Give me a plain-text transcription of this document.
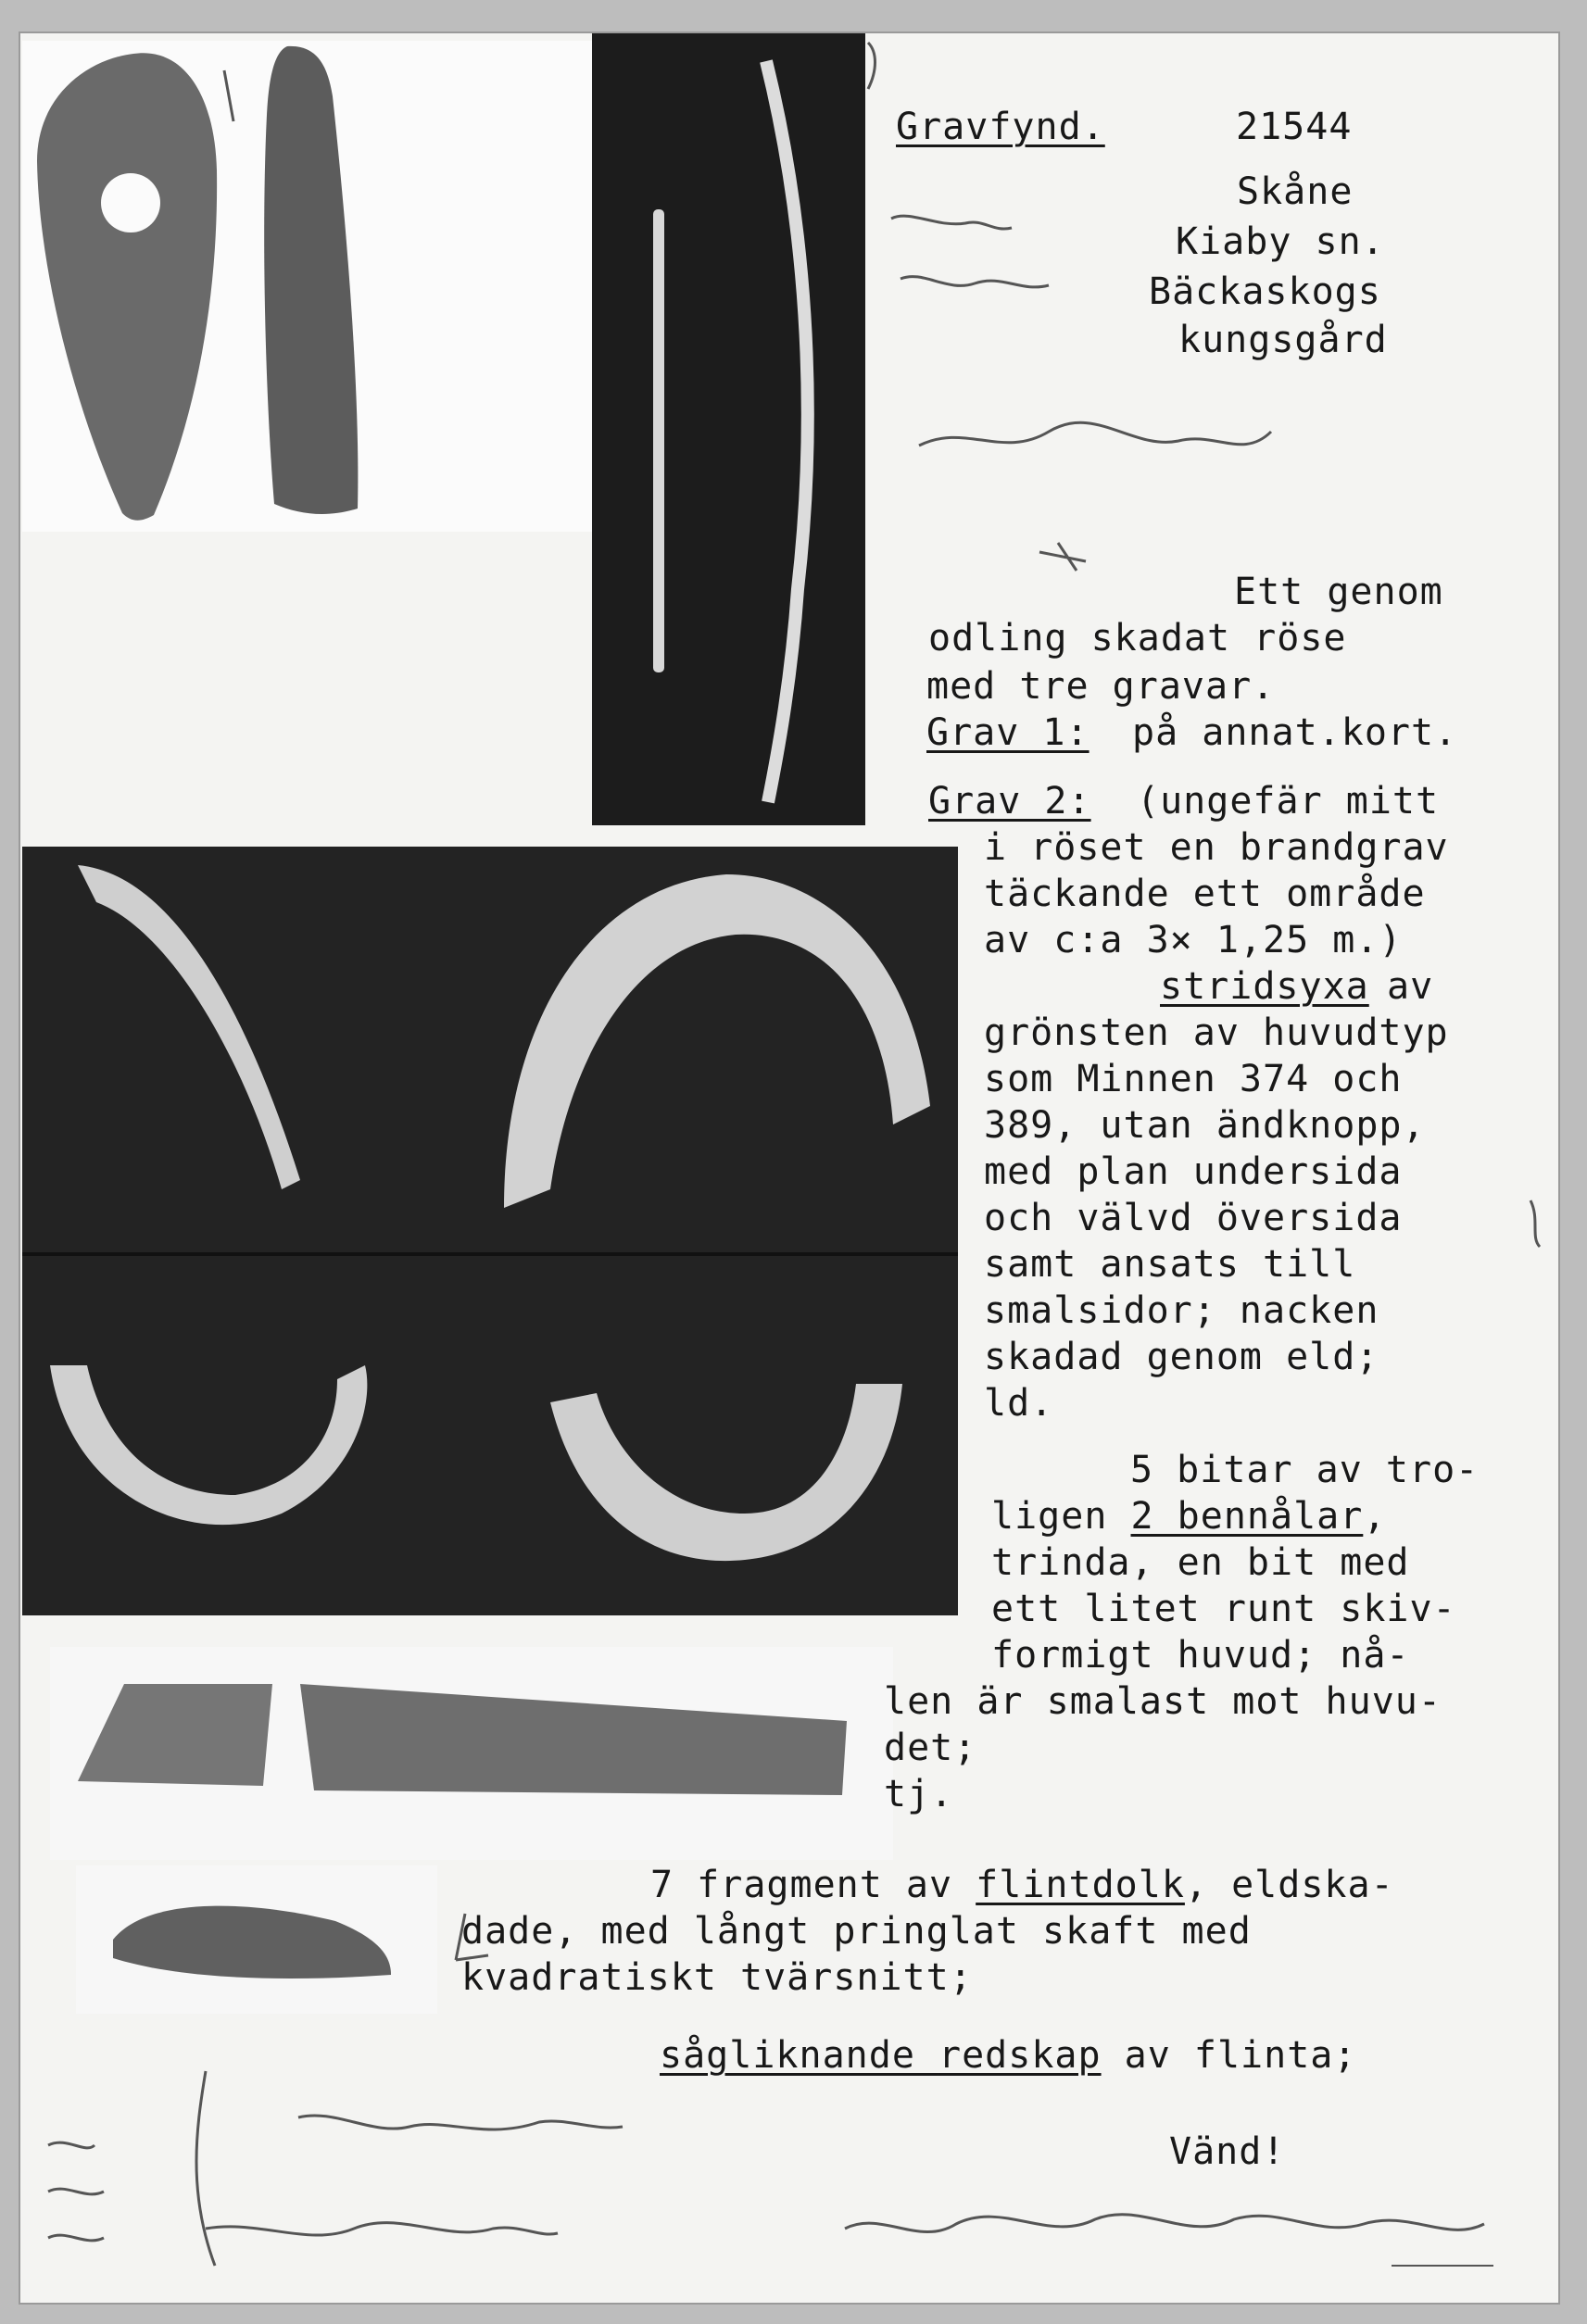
Gravfynd.	21544
Skåne
Kiaby sn.
Bäckaskogs
kungsgård
Ett genom
odling skadat röse
med tre gravar.
Grav 1: på annat.kort.
Grav 2: (ungefär mitt
i röset en brandgrav
täckande ett område
av c:a 3× 1,25 m.)
stridsyxa av
grönsten av huvudtyp
som Minnen 374 och
389, utan ändknopp,
med plan undersida
och välvd översida
samt ansats till
smalsidor; nacken
skadad genom eld;
ld.
5 bitar av tro-
ligen 2 bennålar,
trinda, en bit med
ett litet runt skiv-
formigt huvud; nå-
len är smalast mot huvu-
det;
tj.
7 fragment av flintdolk, eldska-
dade, med långt pringlat skaft med
kvadratiskt tvärsnitt;
sågliknande redskap av flinta;
Vänd!
